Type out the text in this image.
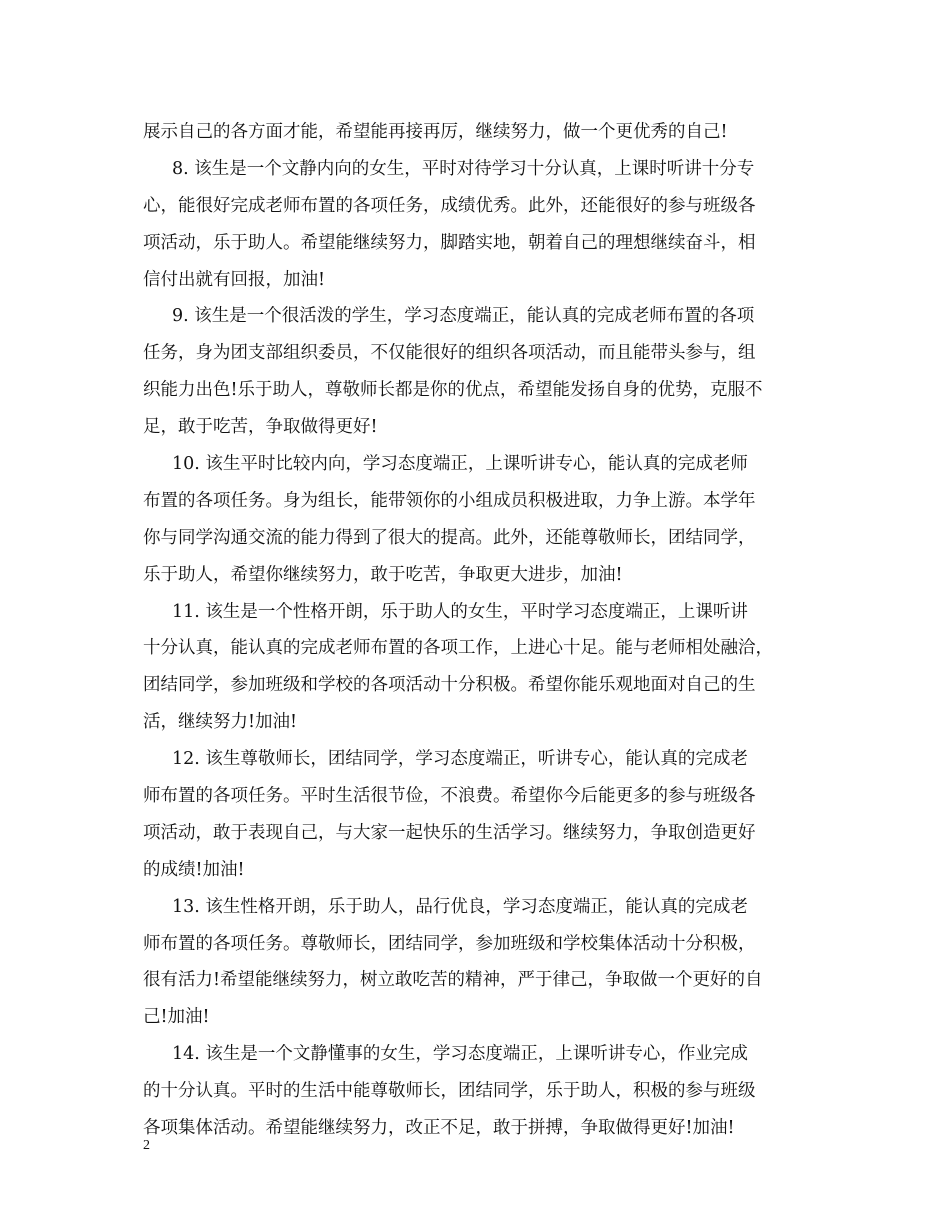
展示自己的各方面才能，希望能再接再厉，继续努力，做一个更优秀的自己!
8. 该生是一个文静内向的女生，平时对待学习十分认真，上课时听讲十分专
心，能很好完成老师布置的各项任务，成绩优秀。此外，还能很好的参与班级各
项活动，乐于助人。希望能继续努力，脚踏实地，朝着自己的理想继续奋斗，相
信付出就有回报，加油!
9. 该生是一个很活泼的学生，学习态度端正，能认真的完成老师布置的各项
任务，身为团支部组织委员，不仅能很好的组织各项活动，而且能带头参与，组
织能力出色!乐于助人，尊敬师长都是你的优点，希望能发扬自身的优势，克服不
足，敢于吃苦，争取做得更好!
10. 该生平时比较内向，学习态度端正，上课听讲专心，能认真的完成老师
布置的各项任务。身为组长，能带领你的小组成员积极进取，力争上游。本学年
你与同学沟通交流的能力得到了很大的提高。此外，还能尊敬师长，团结同学，
乐于助人，希望你继续努力，敢于吃苦，争取更大进步，加油!
11. 该生是一个性格开朗，乐于助人的女生，平时学习态度端正，上课听讲
十分认真，能认真的完成老师布置的各项工作，上进心十足。能与老师相处融洽，
团结同学，参加班级和学校的各项活动十分积极。希望你能乐观地面对自己的生
活，继续努力!加油!
12. 该生尊敬师长，团结同学，学习态度端正，听讲专心，能认真的完成老
师布置的各项任务。平时生活很节俭，不浪费。希望你今后能更多的参与班级各
项活动，敢于表现自己，与大家一起快乐的生活学习。继续努力，争取创造更好
的成绩!加油!
13. 该生性格开朗，乐于助人，品行优良，学习态度端正，能认真的完成老
师布置的各项任务。尊敬师长，团结同学，参加班级和学校集体活动十分积极，
很有活力!希望能继续努力，树立敢吃苦的精神，严于律己，争取做一个更好的自
己!加油!
14. 该生是一个文静懂事的女生，学习态度端正，上课听讲专心，作业完成
的十分认真。平时的生活中能尊敬师长，团结同学，乐于助人，积极的参与班级
各项集体活动。希望能继续努力，改正不足，敢于拼搏，争取做得更好!加油!
2
